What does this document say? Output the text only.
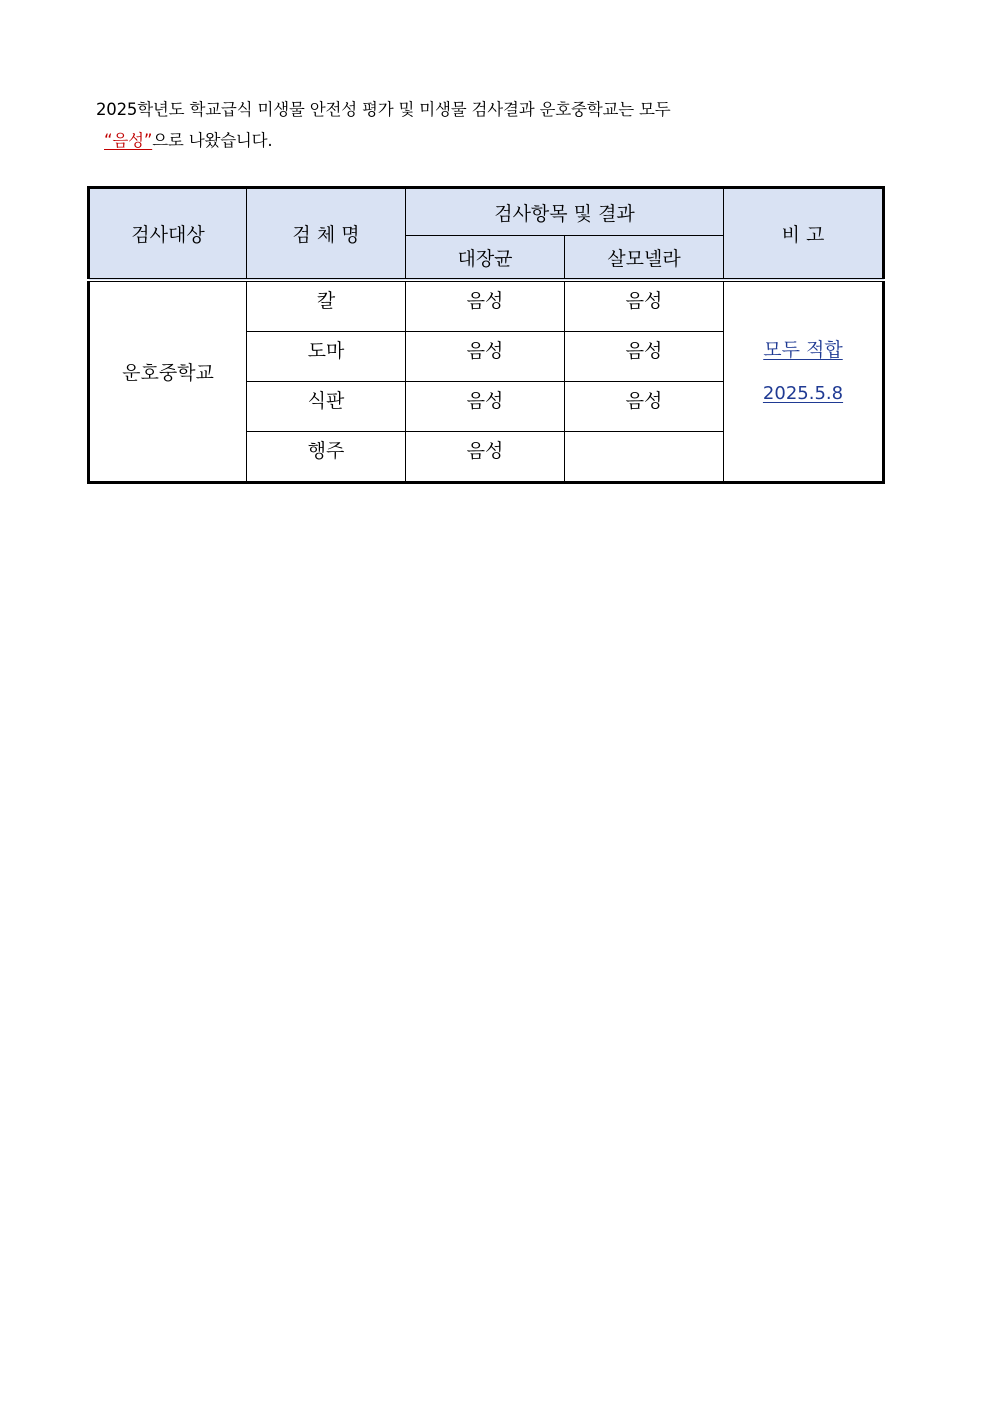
2025학년도 학교급식 미생물 안전성 평가 및 미생물 검사결과 운호중학교는 모두
“음성”으로 나왔습니다.
검사대상	검 체 명	검사항목 및 결과		비 고
		대장균	살모넬라	
운호중학교	칼	음성	음성	모두 적합
2025.5.8

	도마	음성	음성	
	식판	음성	음성	
	행주	음성		
